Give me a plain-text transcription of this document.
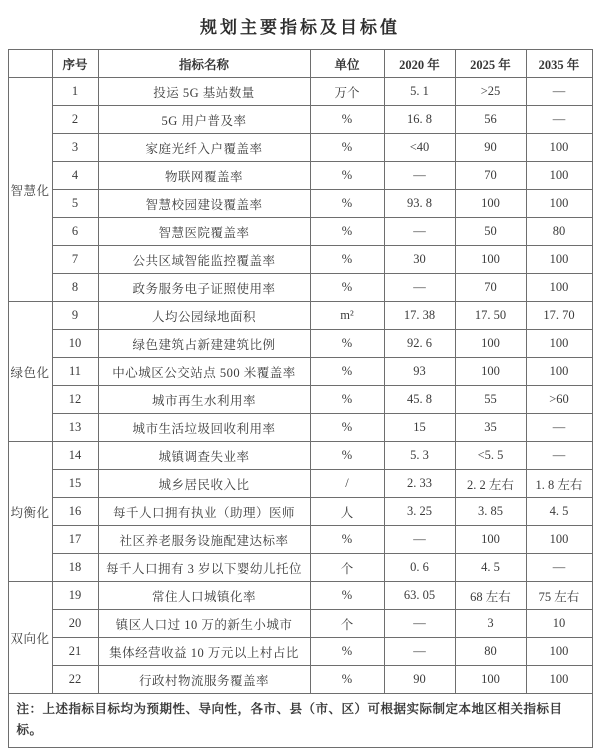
规划主要指标及目标值
	序号	指标名称	单位	2020 年	2025 年	2035 年
智慧化	1	投运 5G 基站数量	万个	5. 1	>25	—
	2	5G 用户普及率	%	16. 8	56	—
	3	家庭光纤入户覆盖率	%	<40	90	100
	4	物联网覆盖率	%	—	70	100
	5	智慧校园建设覆盖率	%	93. 8	100	100
	6	智慧医院覆盖率	%	—	50	80
	7	公共区域智能监控覆盖率	%	30	100	100
	8	政务服务电子证照使用率	%	—	70	100
绿色化	9	人均公园绿地面积	m²	17. 38	17. 50	17. 70
	10	绿色建筑占新建建筑比例	%	92. 6	100	100
	11	中心城区公交站点 500 米覆盖率	%	93	100	100
	12	城市再生水利用率	%	45. 8	55	>60
	13	城市生活垃圾回收利用率	%	15	35	—
均衡化	14	城镇调查失业率	%	5. 3	<5. 5	—
	15	城乡居民收入比	/	2. 33	2. 2 左右	1. 8 左右
	16	每千人口拥有执业（助理）医师	人	3. 25	3. 85	4. 5
	17	社区养老服务设施配建达标率	%	—	100	100
	18	每千人口拥有 3 岁以下婴幼儿托位	个	0. 6	4. 5	—
双向化	19	常住人口城镇化率	%	63. 05	68 左右	75 左右
	20	镇区人口过 10 万的新生小城市	个	—	3	10
	21	集体经营收益 10 万元以上村占比	%	—	80	100
	22	行政村物流服务覆盖率	%	90	100	100
注：上述指标目标均为预期性、导向性，各市、县（市、区）可根据实际制定本地区相关指标目标。						
